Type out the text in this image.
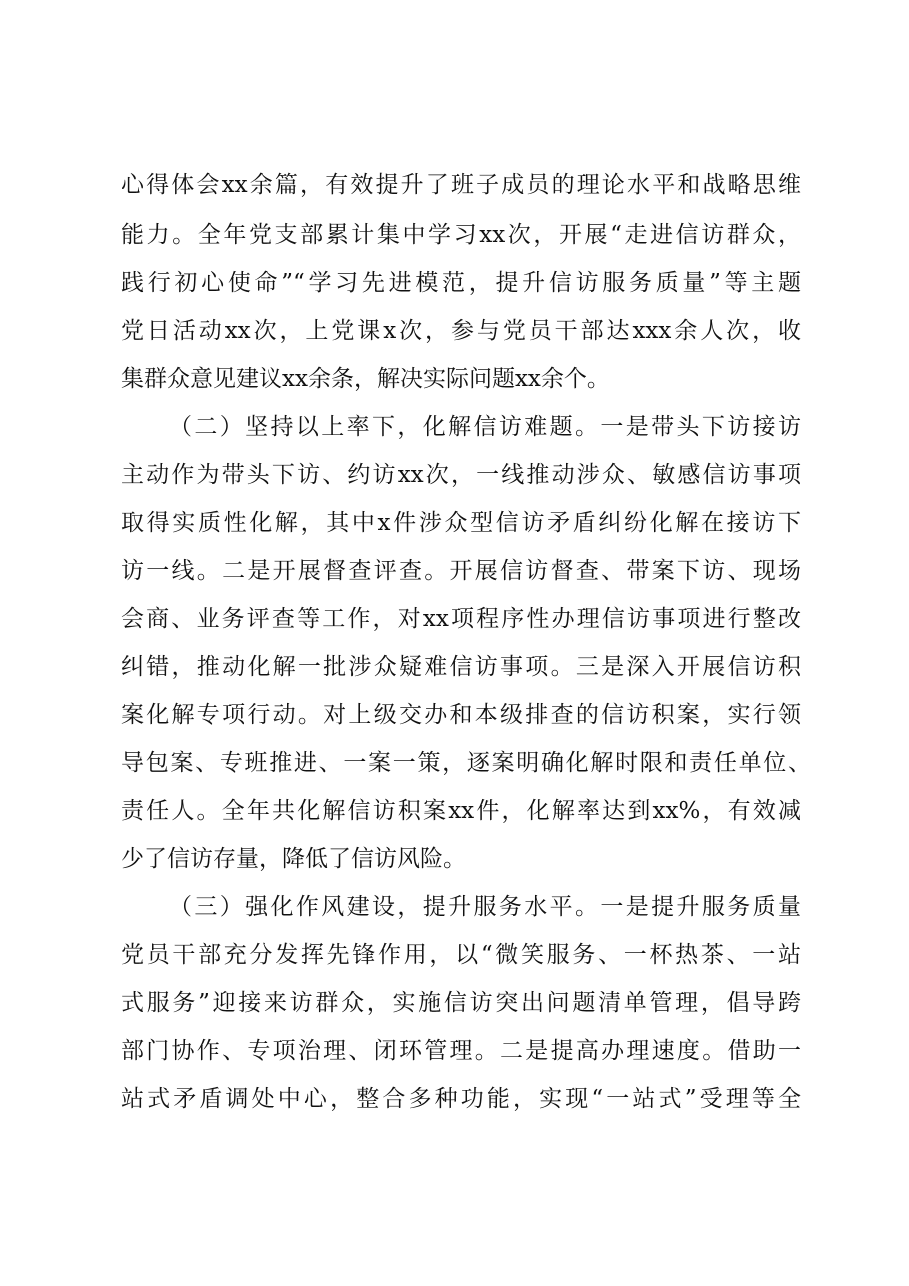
心得体会xx余篇，有效提升了班子成员的理论水平和战略思维

能力。全年党支部累计集中学习xx次，开展“走进信访群众，

践行初心使命”“学习先进模范，提升信访服务质量”等主题

党日活动xx次，上党课x次，参与党员干部达xxx余人次，收

集群众意见建议xx余条，解决实际问题xx余个。

（二）坚持以上率下，化解信访难题。一是带头下访接访

主动作为带头下访、约访xx次，一线推动涉众、敏感信访事项

取得实质性化解，其中x件涉众型信访矛盾纠纷化解在接访下

访一线。二是开展督查评查。开展信访督查、带案下访、现场

会商、业务评查等工作，对xx项程序性办理信访事项进行整改

纠错，推动化解一批涉众疑难信访事项。三是深入开展信访积

案化解专项行动。对上级交办和本级排查的信访积案，实行领

导包案、专班推进、一案一策，逐案明确化解时限和责任单位、

责任人。全年共化解信访积案xx件，化解率达到xx%，有效减

少了信访存量，降低了信访风险。

（三）强化作风建设，提升服务水平。一是提升服务质量

党员干部充分发挥先锋作用，以“微笑服务、一杯热茶、一站

式服务”迎接来访群众，实施信访突出问题清单管理，倡导跨

部门协作、专项治理、闭环管理。二是提高办理速度。借助一

站式矛盾调处中心，整合多种功能，实现“一站式”受理等全
